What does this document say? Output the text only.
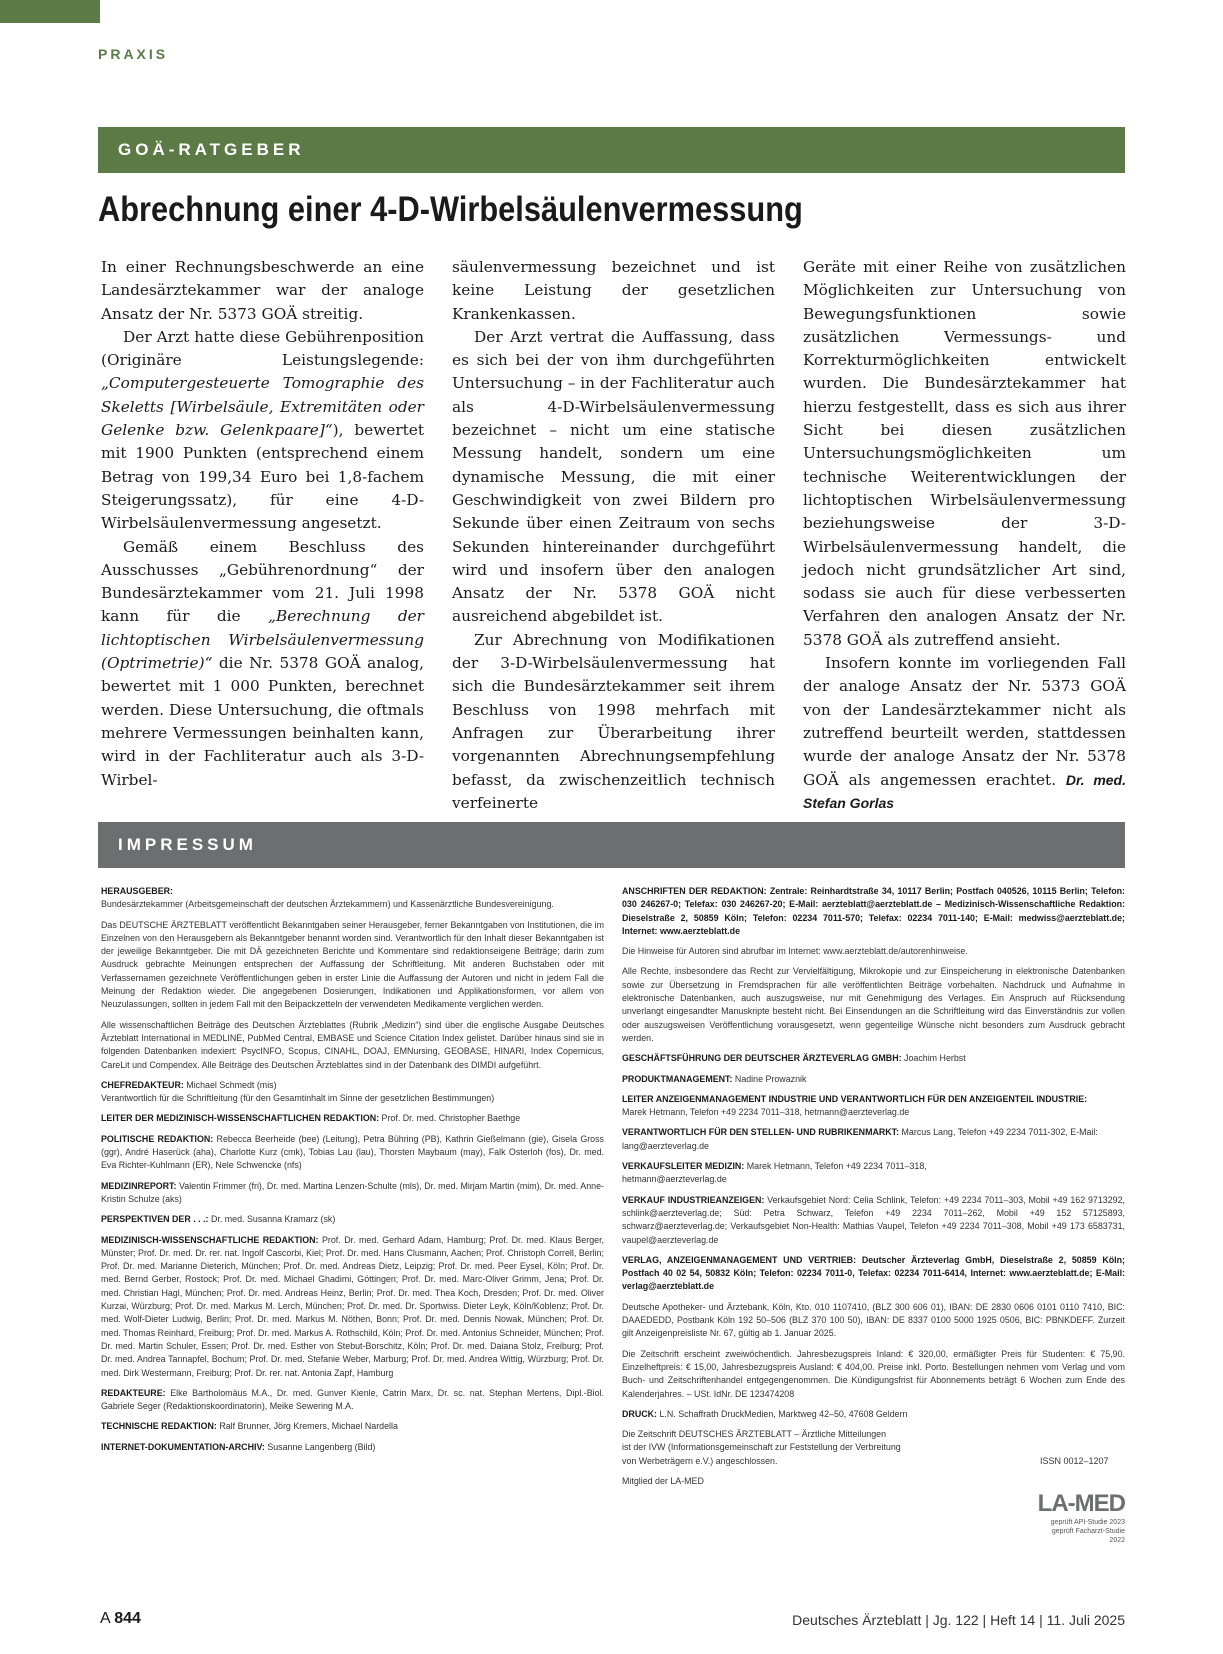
PRAXIS
GOÄ-RATGEBER
Abrechnung einer 4-D-Wirbelsäulenvermessung

In einer Rechnungsbeschwerde an eine Landesärztekammer war der analoge Ansatz der Nr. 5373 GOÄ streitig.

Der Arzt hatte diese Gebührenposition (Originäre Leistungslegende: „Computergesteuerte Tomographie des Skeletts [Wirbelsäule, Extremitäten oder Gelenke bzw. Gelenkpaare]“), bewertet mit 1900 Punkten (entsprechend einem Betrag von 199,34 Euro bei 1,8-fachem Steigerungssatz), für eine 4-D-Wirbelsäulenvermessung angesetzt.

Gemäß einem Beschluss des Ausschusses „Gebührenordnung“ der Bundesärztekammer vom 21. Juli 1998 kann für die „Berechnung der lichtoptischen Wirbelsäulenvermessung (Optrimetrie)“ die Nr. 5378 GOÄ analog, bewertet mit 1 000 Punkten, berechnet werden. Diese Untersuchung, die oftmals mehrere Vermessungen beinhalten kann, wird in der Fachliteratur auch als 3-D-Wirbel-

säulenvermessung bezeichnet und ist keine Leistung der gesetzlichen Krankenkassen.

Der Arzt vertrat die Auffassung, dass es sich bei der von ihm durchgeführten Untersuchung – in der Fachliteratur auch als 4-D-Wirbelsäulenvermessung bezeichnet – nicht um eine statische Messung handelt, sondern um eine dynamische Messung, die mit einer Geschwindigkeit von zwei Bildern pro Sekunde über einen Zeitraum von sechs Sekunden hintereinander durchgeführt wird und insofern über den analogen Ansatz der Nr. 5378 GOÄ nicht ausreichend abgebildet ist.

Zur Abrechnung von Modifikationen der 3-D-Wirbelsäulenvermessung hat sich die Bundesärztekammer seit ihrem Beschluss von 1998 mehrfach mit Anfragen zur Überarbeitung ihrer vorgenannten Abrechnungsempfehlung befasst, da zwischenzeitlich technisch verfeinerte

Geräte mit einer Reihe von zusätzlichen Möglichkeiten zur Untersuchung von Bewegungsfunktionen sowie zusätzlichen Vermessungs- und Korrekturmöglichkeiten entwickelt wurden. Die Bundesärztekammer hat hierzu festgestellt, dass es sich aus ihrer Sicht bei diesen zusätzlichen Untersuchungsmöglichkeiten um technische Weiterentwicklungen der lichtoptischen Wirbelsäulenvermessung beziehungsweise der 3-D-Wirbelsäulenvermessung handelt, die jedoch nicht grundsätzlicher Art sind, sodass sie auch für diese verbesserten Verfahren den analogen Ansatz der Nr. 5378 GOÄ als zutreffend ansieht.

Insofern konnte im vorliegenden Fall der analoge Ansatz der Nr. 5373 GOÄ von der Landesärztekammer nicht als zutreffend beurteilt werden, stattdessen wurde der analoge Ansatz der Nr. 5378 GOÄ als angemessen erachtet. Dr. med. Stefan Gorlas

IMPRESSUM
HERAUSGEBER:
Bundesärztekammer (Arbeitsgemeinschaft der deutschen Ärztekammern) und Kassenärztliche Bundesvereinigung.

Das DEUTSCHE ÄRZTEBLATT veröffentlicht Bekanntgaben seiner Herausgeber, ferner Bekanntgaben von Institutionen, die im Einzelnen von den Herausgebern als Bekanntgeber benannt worden sind. Verantwortlich für den Inhalt dieser Bekanntgaben ist der jeweilige Bekanntgeber. Die mit DÄ gezeichneten Berichte und Kommentare sind redaktionseigene Beiträge; darin zum Ausdruck gebrachte Meinungen entsprechen der Auffassung der Schriftleitung. Mit anderen Buchstaben oder mit Verfassernamen gezeichnete Veröffentlichungen geben in erster Linie die Auffassung der Autoren und nicht in jedem Fall die Meinung der Redaktion wieder. Die angegebenen Dosierungen, Indikationen und Applikationsformen, vor allem von Neuzulassungen, sollten in jedem Fall mit den Beipackzetteln der verwendeten Medikamente verglichen werden.

Alle wissenschaftlichen Beiträge des Deutschen Ärzteblattes (Rubrik „Medizin“) sind über die englische Ausgabe Deutsches Ärzteblatt International in MEDLINE, PubMed Central, EMBASE und Science Citation Index gelistet. Darüber hinaus sind sie in folgenden Datenbanken indexiert: PsycINFO, Scopus, CINAHL, DOAJ, EMNursing, GEOBASE, HINARI, Index Copernicus, CareLit und Compendex. Alle Beiträge des Deutschen Ärzteblattes sind in der Datenbank des DIMDI aufgeführt.

CHEFREDAKTEUR: Michael Schmedt (mis)
Verantwortlich für die Schriftleitung (für den Gesamtinhalt im Sinne der gesetzlichen Bestimmungen)
LEITER DER MEDIZINISCH-WISSENSCHAFTLICHEN REDAKTION: Prof. Dr. med. Christopher Baethge

POLITISCHE REDAKTION: Rebecca Beerheide (bee) (Leitung), Petra Bühring (PB), Kathrin Gießelmann (gie), Gisela Gross (ggr), André Haserück (aha), Charlotte Kurz (cmk), Tobias Lau (lau), Thorsten Maybaum (may), Falk Osterloh (fos), Dr. med. Eva Richter-Kuhlmann (ER), Nele Schwencke (nfs)

MEDIZINREPORT: Valentin Frimmer (fri), Dr. med. Martina Lenzen-Schulte (mls), Dr. med. Mirjam Martin (mim), Dr. med. Anne-Kristin Schulze (aks)

PERSPEKTIVEN DER . . .: Dr. med. Susanna Kramarz (sk)

MEDIZINISCH-WISSENSCHAFTLICHE REDAKTION: Prof. Dr. med. Gerhard Adam, Hamburg; Prof. Dr. med. Klaus Berger, Münster; Prof. Dr. med. Dr. rer. nat. Ingolf Cascorbi, Kiel; Prof. Dr. med. Hans Clusmann, Aachen; Prof. Christoph Correll, Berlin; Prof. Dr. med. Marianne Dieterich, München; Prof. Dr. med. Andreas Dietz, Leipzig; Prof. Dr. med. Peer Eysel, Köln; Prof. Dr. med. Bernd Gerber, Rostock; Prof. Dr. med. Michael Ghadimi, Göttingen; Prof. Dr. med. Marc-Oliver Grimm, Jena; Prof. Dr. med. Christian Hagl, München; Prof. Dr. med. Andreas Heinz, Berlin; Prof. Dr. med. Thea Koch, Dresden; Prof. Dr. med. Oliver Kurzai, Würzburg; Prof. Dr. med. Markus M. Lerch, München; Prof. Dr. med. Dr. Sportwiss. Dieter Leyk, Köln/Koblenz; Prof. Dr. med. Wolf-Dieter Ludwig, Berlin; Prof. Dr. med. Markus M. Nöthen, Bonn; Prof. Dr. med. Dennis Nowak, München; Prof. Dr. med. Thomas Reinhard, Freiburg; Prof. Dr. med. Markus A. Rothschild, Köln; Prof. Dr. med. Antonius Schneider, München; Prof. Dr. med. Martin Schuler, Essen; Prof. Dr. med. Esther von Stebut-Borschitz, Köln; Prof. Dr. med. Daiana Stolz, Freiburg; Prof. Dr. med. Andrea Tannapfel, Bochum; Prof. Dr. med. Stefanie Weber, Marburg; Prof. Dr. med. Andrea Wittig, Würzburg; Prof. Dr. med. Dirk Westermann, Freiburg; Prof. Dr. rer. nat. Antonia Zapf, Hamburg

REDAKTEURE: Elke Bartholomäus M.A., Dr. med. Gunver Kienle, Catrin Marx, Dr. sc. nat. Stephan Mertens, Dipl.-Biol. Gabriele Seger (Redaktionskoordinatorin), Meike Sewering M.A.

TECHNISCHE REDAKTION: Ralf Brunner, Jörg Kremers, Michael Nardella
INTERNET-DOKUMENTATION-ARCHIV: Susanne Langenberg (Bild)

ANSCHRIFTEN DER REDAKTION: Zentrale: Reinhardtstraße 34, 10117 Berlin; Postfach 040526, 10115 Berlin; Telefon: 030 246267-0; Telefax: 030 246267-20; E-Mail: aerzteblatt@aerzteblatt.de – Medizinisch-Wissenschaftliche Redaktion: Dieselstraße 2, 50859 Köln; Telefon: 02234 7011-570; Telefax: 02234 7011-140; E-Mail: medwiss@aerzteblatt.de; Internet: www.aerzteblatt.de

Die Hinweise für Autoren sind abrufbar im Internet: www.aerzteblatt.de/autorenhinweise.

Alle Rechte, insbesondere das Recht zur Vervielfältigung, Mikrokopie und zur Einspeicherung in elektronische Datenbanken sowie zur Übersetzung in Fremdsprachen für alle veröffentlichten Beiträge vorbehalten. Nachdruck und Aufnahme in elektronische Datenbanken, auch auszugsweise, nur mit Genehmigung des Verlages. Ein Anspruch auf Rücksendung unverlangt eingesandter Manuskripte besteht nicht. Bei Einsendungen an die Schriftleitung wird das Einverständnis zur vollen oder auszugsweisen Veröffentlichung vorausgesetzt, wenn gegenteilige Wünsche nicht besonders zum Ausdruck gebracht werden.

GESCHÄFTSFÜHRUNG DER DEUTSCHER ÄRZTEVERLAG GMBH: Joachim Herbst
PRODUKTMANAGEMENT: Nadine Prowaznik
LEITER ANZEIGENMANAGEMENT INDUSTRIE UND VERANTWORTLICH FÜR DEN ANZEIGENTEIL INDUSTRIE:
Marek Hetmann, Telefon +49 2234 7011–318, hetmann@aerzteverlag.de
VERANTWORTLICH FÜR DEN STELLEN- UND RUBRIKENMARKT: Marcus Lang, Telefon +49 2234 7011-302, E-Mail: lang@aerzteverlag.de
VERKAUFSLEITER MEDIZIN: Marek Hetmann, Telefon +49 2234 7011–318,
hetmann@aerzteverlag.de

VERKAUF INDUSTRIEANZEIGEN: Verkaufsgebiet Nord: Celia Schlink, Telefon: +49 2234 7011–303, Mobil +49 162 9713292, schlink@aerzteverlag.de; Süd: Petra Schwarz, Telefon +49 2234 7011–262, Mobil +49 152 57125893, schwarz@aerzteverlag.de; Verkaufsgebiet Non-Health: Mathias Vaupel, Telefon +49 2234 7011–308, Mobil +49 173 6583731, vaupel@aerzteverlag.de

VERLAG, ANZEIGENMANAGEMENT UND VERTRIEB: Deutscher Ärzteverlag GmbH, Dieselstraße 2, 50859 Köln; Postfach 40 02 54, 50832 Köln; Telefon: 02234 7011-0, Telefax: 02234 7011-6414, Internet: www.aerzteblatt.de; E-Mail: verlag@aerzteblatt.de

Deutsche Apotheker- und Ärztebank, Köln, Kto. 010 1107410, (BLZ 300 606 01), IBAN: DE 2830 0606 0101 0110 7410, BIC: DAAEDEDD, Postbank Köln 192 50–506 (BLZ 370 100 50), IBAN: DE 8337 0100 5000 1925 0506, BIC: PBNKDEFF. Zurzeit gilt Anzeigenpreisliste Nr. 67, gültig ab 1. Januar 2025.

Die Zeitschrift erscheint zweiwöchentlich. Jahresbezugspreis Inland: € 320,00, ermäßigter Preis für Studenten: € 75,90. Einzelheftpreis: € 15,00, Jahresbezugspreis Ausland: € 404,00. Preise inkl. Porto. Bestellungen nehmen vom Verlag und vom Buch- und Zeitschriftenhandel entgegengenommen. Die Kündigungsfrist für Abonnements beträgt 6 Wochen zum Ende des Kalenderjahres. – USt. IdNr. DE 123474208

DRUCK: L.N. Schaffrath DruckMedien, Marktweg 42–50, 47608 Geldern
Die Zeitschrift DEUTSCHES ÄRZTEBLATT – Ärztliche Mitteilungen
ist der IVW (Informationsgemeinschaft zur Feststellung der Verbreitung
von Werbeträgern e.V.) angeschlossen.
Mitglied der LA-MED
ISSN 0012–1207
LA-MED
geprüft API-Studie 2023
geprüft Facharzt-Studie 2022
A 844	Deutsches Ärzteblatt | Jg. 122 | Heft 14 | 11. Juli 2025
